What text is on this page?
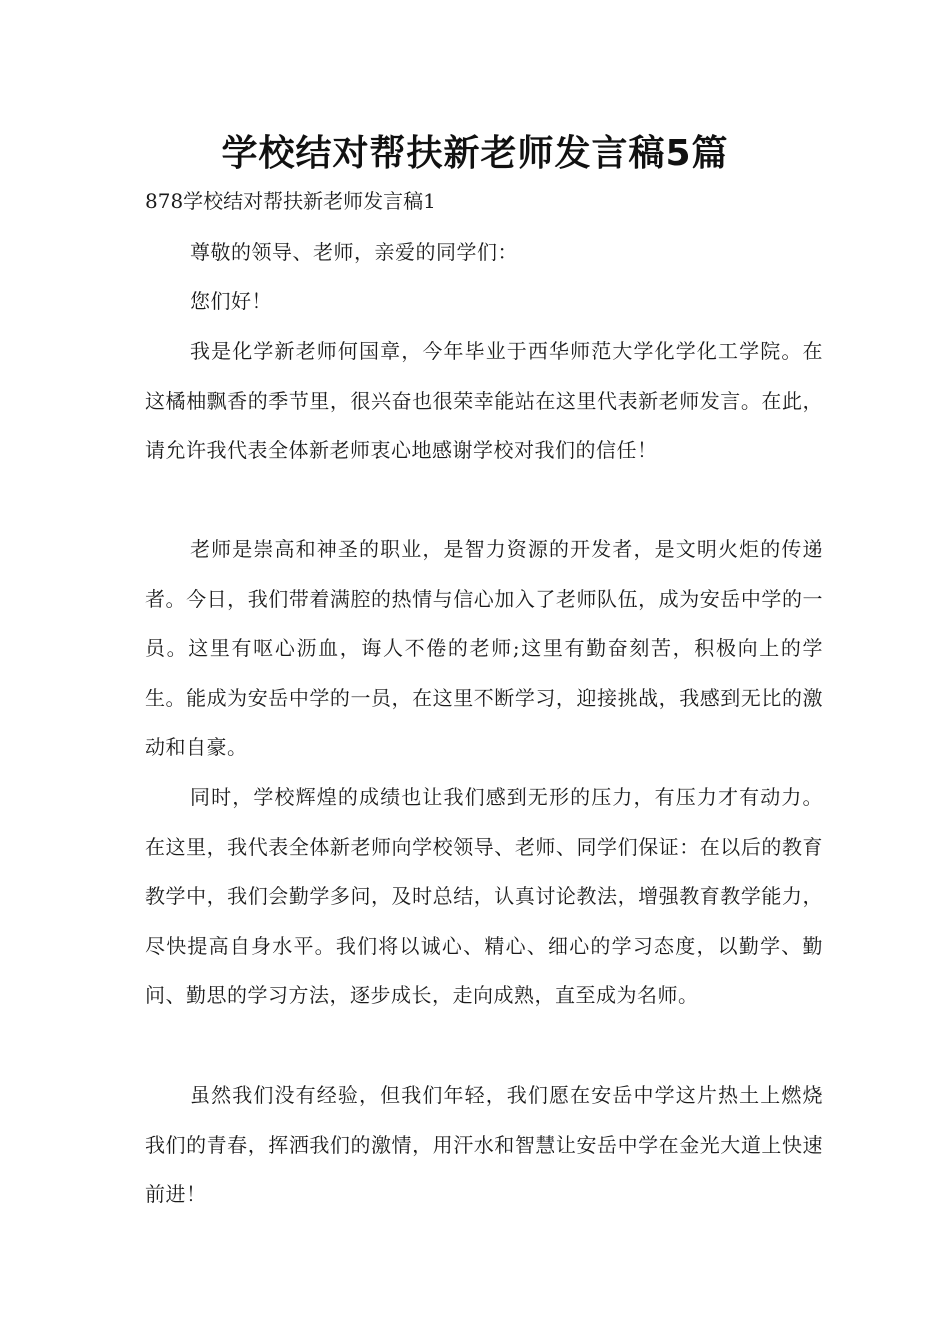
学校结对帮扶新老师发言稿5篇

878学校结对帮扶新老师发言稿1

尊敬的领导、老师，亲爱的同学们：

您们好！

我是化学新老师何国章，今年毕业于西华师范大学化学化工学院。在这橘柚飘香的季节里，很兴奋也很荣幸能站在这里代表新老师发言。在此，请允许我代表全体新老师衷心地感谢学校对我们的信任！

老师是崇高和神圣的职业，是智力资源的开发者，是文明火炬的传递者。今日，我们带着满腔的热情与信心加入了老师队伍，成为安岳中学的一员。这里有呕心沥血，诲人不倦的老师;这里有勤奋刻苦，积极向上的学生。能成为安岳中学的一员，在这里不断学习，迎接挑战，我感到无比的激动和自豪。

同时，学校辉煌的成绩也让我们感到无形的压力，有压力才有动力。在这里，我代表全体新老师向学校领导、老师、同学们保证：在以后的教育教学中，我们会勤学多问，及时总结，认真讨论教法，增强教育教学能力，尽快提高自身水平。我们将以诚心、精心、细心的学习态度，以勤学、勤问、勤思的学习方法，逐步成长，走向成熟，直至成为名师。

虽然我们没有经验，但我们年轻，我们愿在安岳中学这片热土上燃烧我们的青春，挥洒我们的激情，用汗水和智慧让安岳中学在金光大道上快速前进！
